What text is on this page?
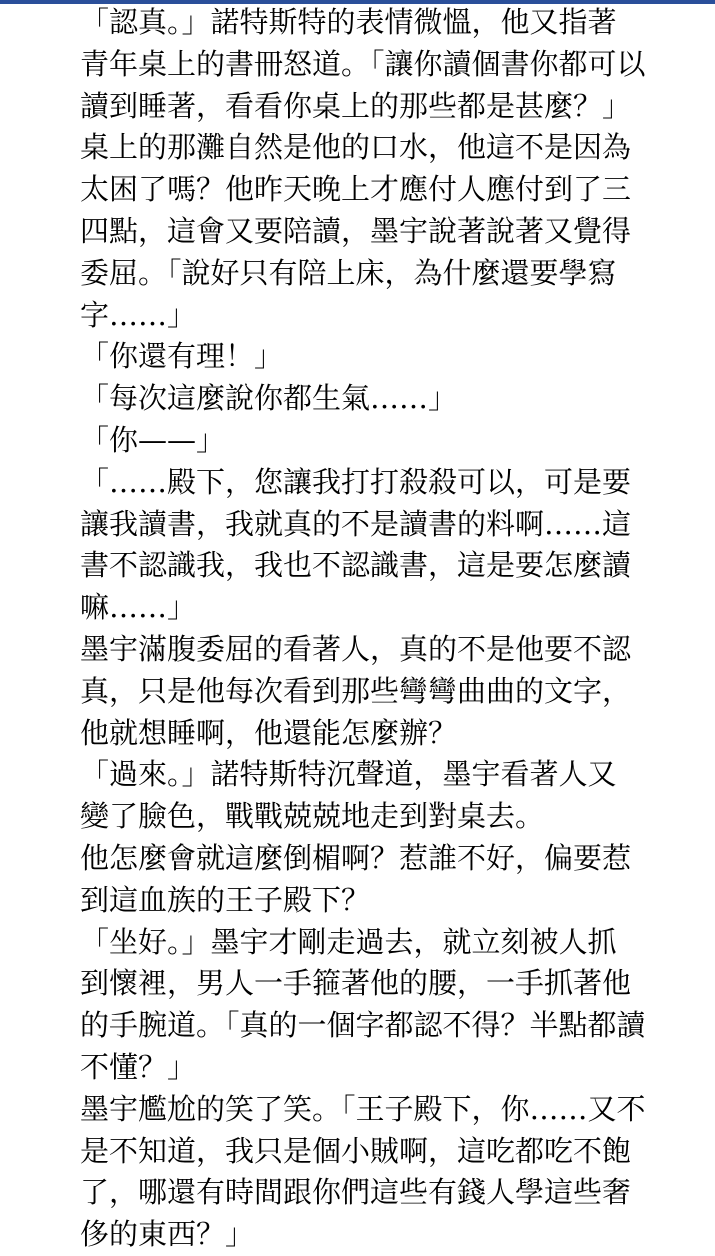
「認真。」諾特斯特的表情微慍，他又指著
青年桌上的書冊怒道。「讓你讀個書你都可以
讀到睡著，看看你桌上的那些都是甚麼？」
桌上的那灘自然是他的口水，他這不是因為
太困了嗎？他昨天晚上才應付人應付到了三
四點，這會又要陪讀，墨宇說著說著又覺得
委屈。「說好只有陪上床，為什麼還要學寫
字……」
「你還有理！」
「每次這麼說你都生氣……」
「你——」
「……殿下，您讓我打打殺殺可以，可是要
讓我讀書，我就真的不是讀書的料啊……這
書不認識我，我也不認識書，這是要怎麼讀
嘛……」
墨宇滿腹委屈的看著人，真的不是他要不認
真，只是他每次看到那些彎彎曲曲的文字，
他就想睡啊，他還能怎麼辦？
「過來。」諾特斯特沉聲道，墨宇看著人又
變了臉色，戰戰兢兢地走到對桌去。
他怎麼會就這麼倒楣啊？惹誰不好，偏要惹
到這血族的王子殿下？
「坐好。」墨宇才剛走過去，就立刻被人抓
到懷裡，男人一手箍著他的腰，一手抓著他
的手腕道。「真的一個字都認不得？半點都讀
不懂？」
墨宇尷尬的笑了笑。「王子殿下，你……又不
是不知道，我只是個小賊啊，這吃都吃不飽
了，哪還有時間跟你們這些有錢人學這些奢
侈的東西？」
